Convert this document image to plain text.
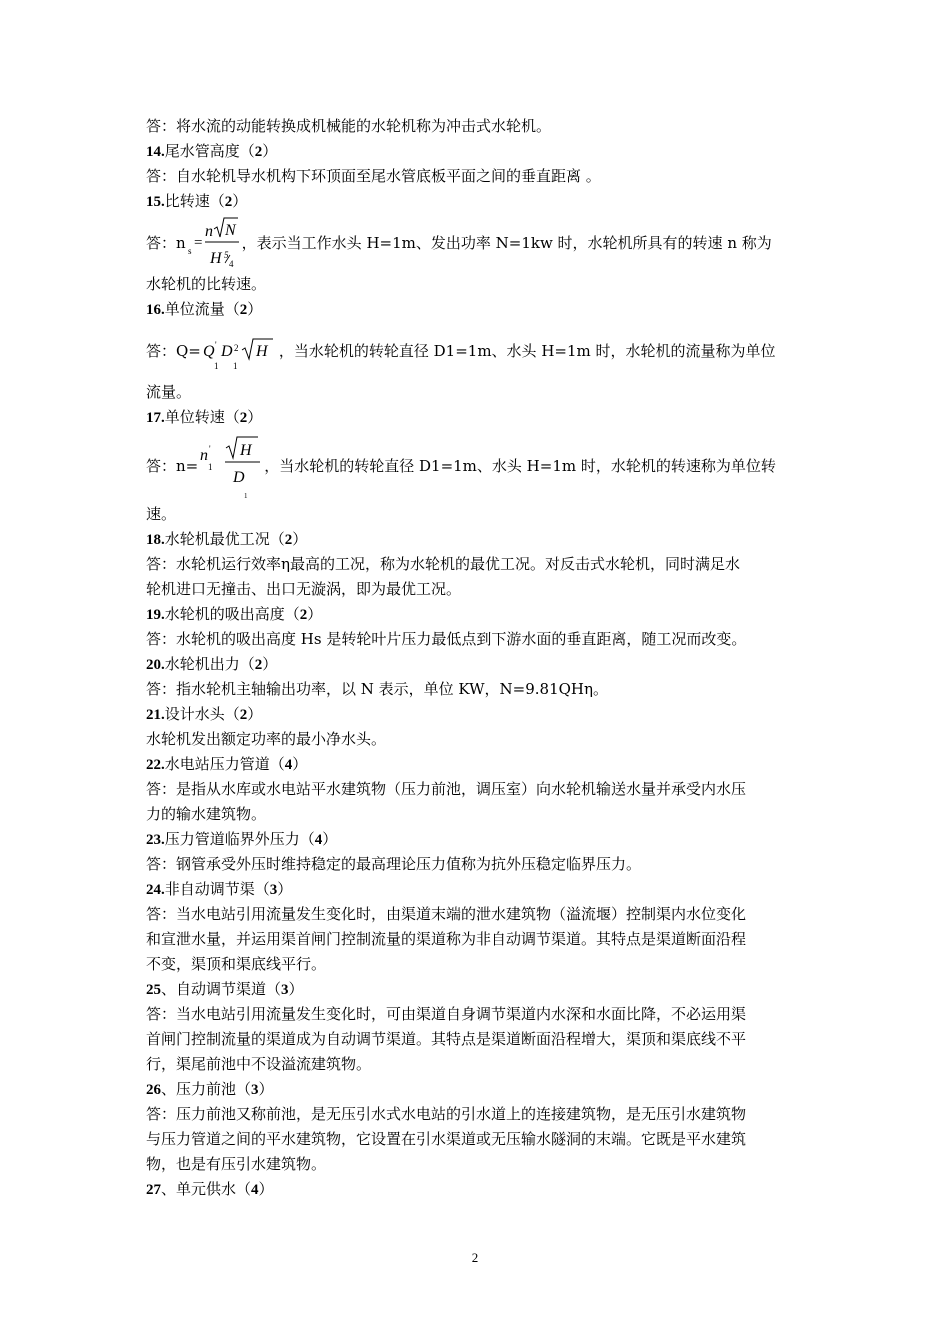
答：将水流的动能转换成机械能的水轮机称为冲击式水轮机。
14.尾水管高度（2）
答：自水轮机导水机构下环顶面至尾水管底板平面之间的垂直距离 。
15.比转速（2）
答：n s =
n N
H 5
4
，表示当工作水头 H=1m、发出功率 N=1kw 时，水轮机所具有的转速 n 称为
水轮机的比转速。
16.单位流量（2）
答：Q= Q '
1
D
1
2 H ，当水轮机的转轮直径 D1=1m、水头 H=1m 时，水轮机的流量称为单位
流量。
17.单位转速（2）
答：n=
n '
1
H
D
1
，当水轮机的转轮直径 D1=1m、水头 H=1m 时，水轮机的转速称为单位转
速。
18.水轮机最优工况（2）
答：水轮机运行效率η最高的工况，称为水轮机的最优工况。对反击式水轮机，同时满足水
轮机进口无撞击、出口无漩涡，即为最优工况。
19.水轮机的吸出高度（2）
答：水轮机的吸出高度 Hs 是转轮叶片压力最低点到下游水面的垂直距离，随工况而改变。
20.水轮机出力（2）
答：指水轮机主轴输出功率，以 N 表示，单位 KW，N=9.81QHη。
21.设计水头（2）
水轮机发出额定功率的最小净水头。
22.水电站压力管道（4）
答：是指从水库或水电站平水建筑物（压力前池，调压室）向水轮机输送水量并承受内水压
力的输水建筑物。
23.压力管道临界外压力（4）
答：钢管承受外压时维持稳定的最高理论压力值称为抗外压稳定临界压力。
24.非自动调节渠（3）
答：当水电站引用流量发生变化时，由渠道末端的泄水建筑物（溢流堰）控制渠内水位变化
和宣泄水量，并运用渠首闸门控制流量的渠道称为非自动调节渠道。其特点是渠道断面沿程
不变，渠顶和渠底线平行。
25、自动调节渠道（3）
答：当水电站引用流量发生变化时，可由渠道自身调节渠道内水深和水面比降，不必运用渠
首闸门控制流量的渠道成为自动调节渠道。其特点是渠道断面沿程增大，渠顶和渠底线不平
行，渠尾前池中不设溢流建筑物。
26、压力前池（3）
答：压力前池又称前池，是无压引水式水电站的引水道上的连接建筑物，是无压引水建筑物
与压力管道之间的平水建筑物，它设置在引水渠道或无压输水隧洞的末端。它既是平水建筑
物，也是有压引水建筑物。
27、单元供水（4）
2
